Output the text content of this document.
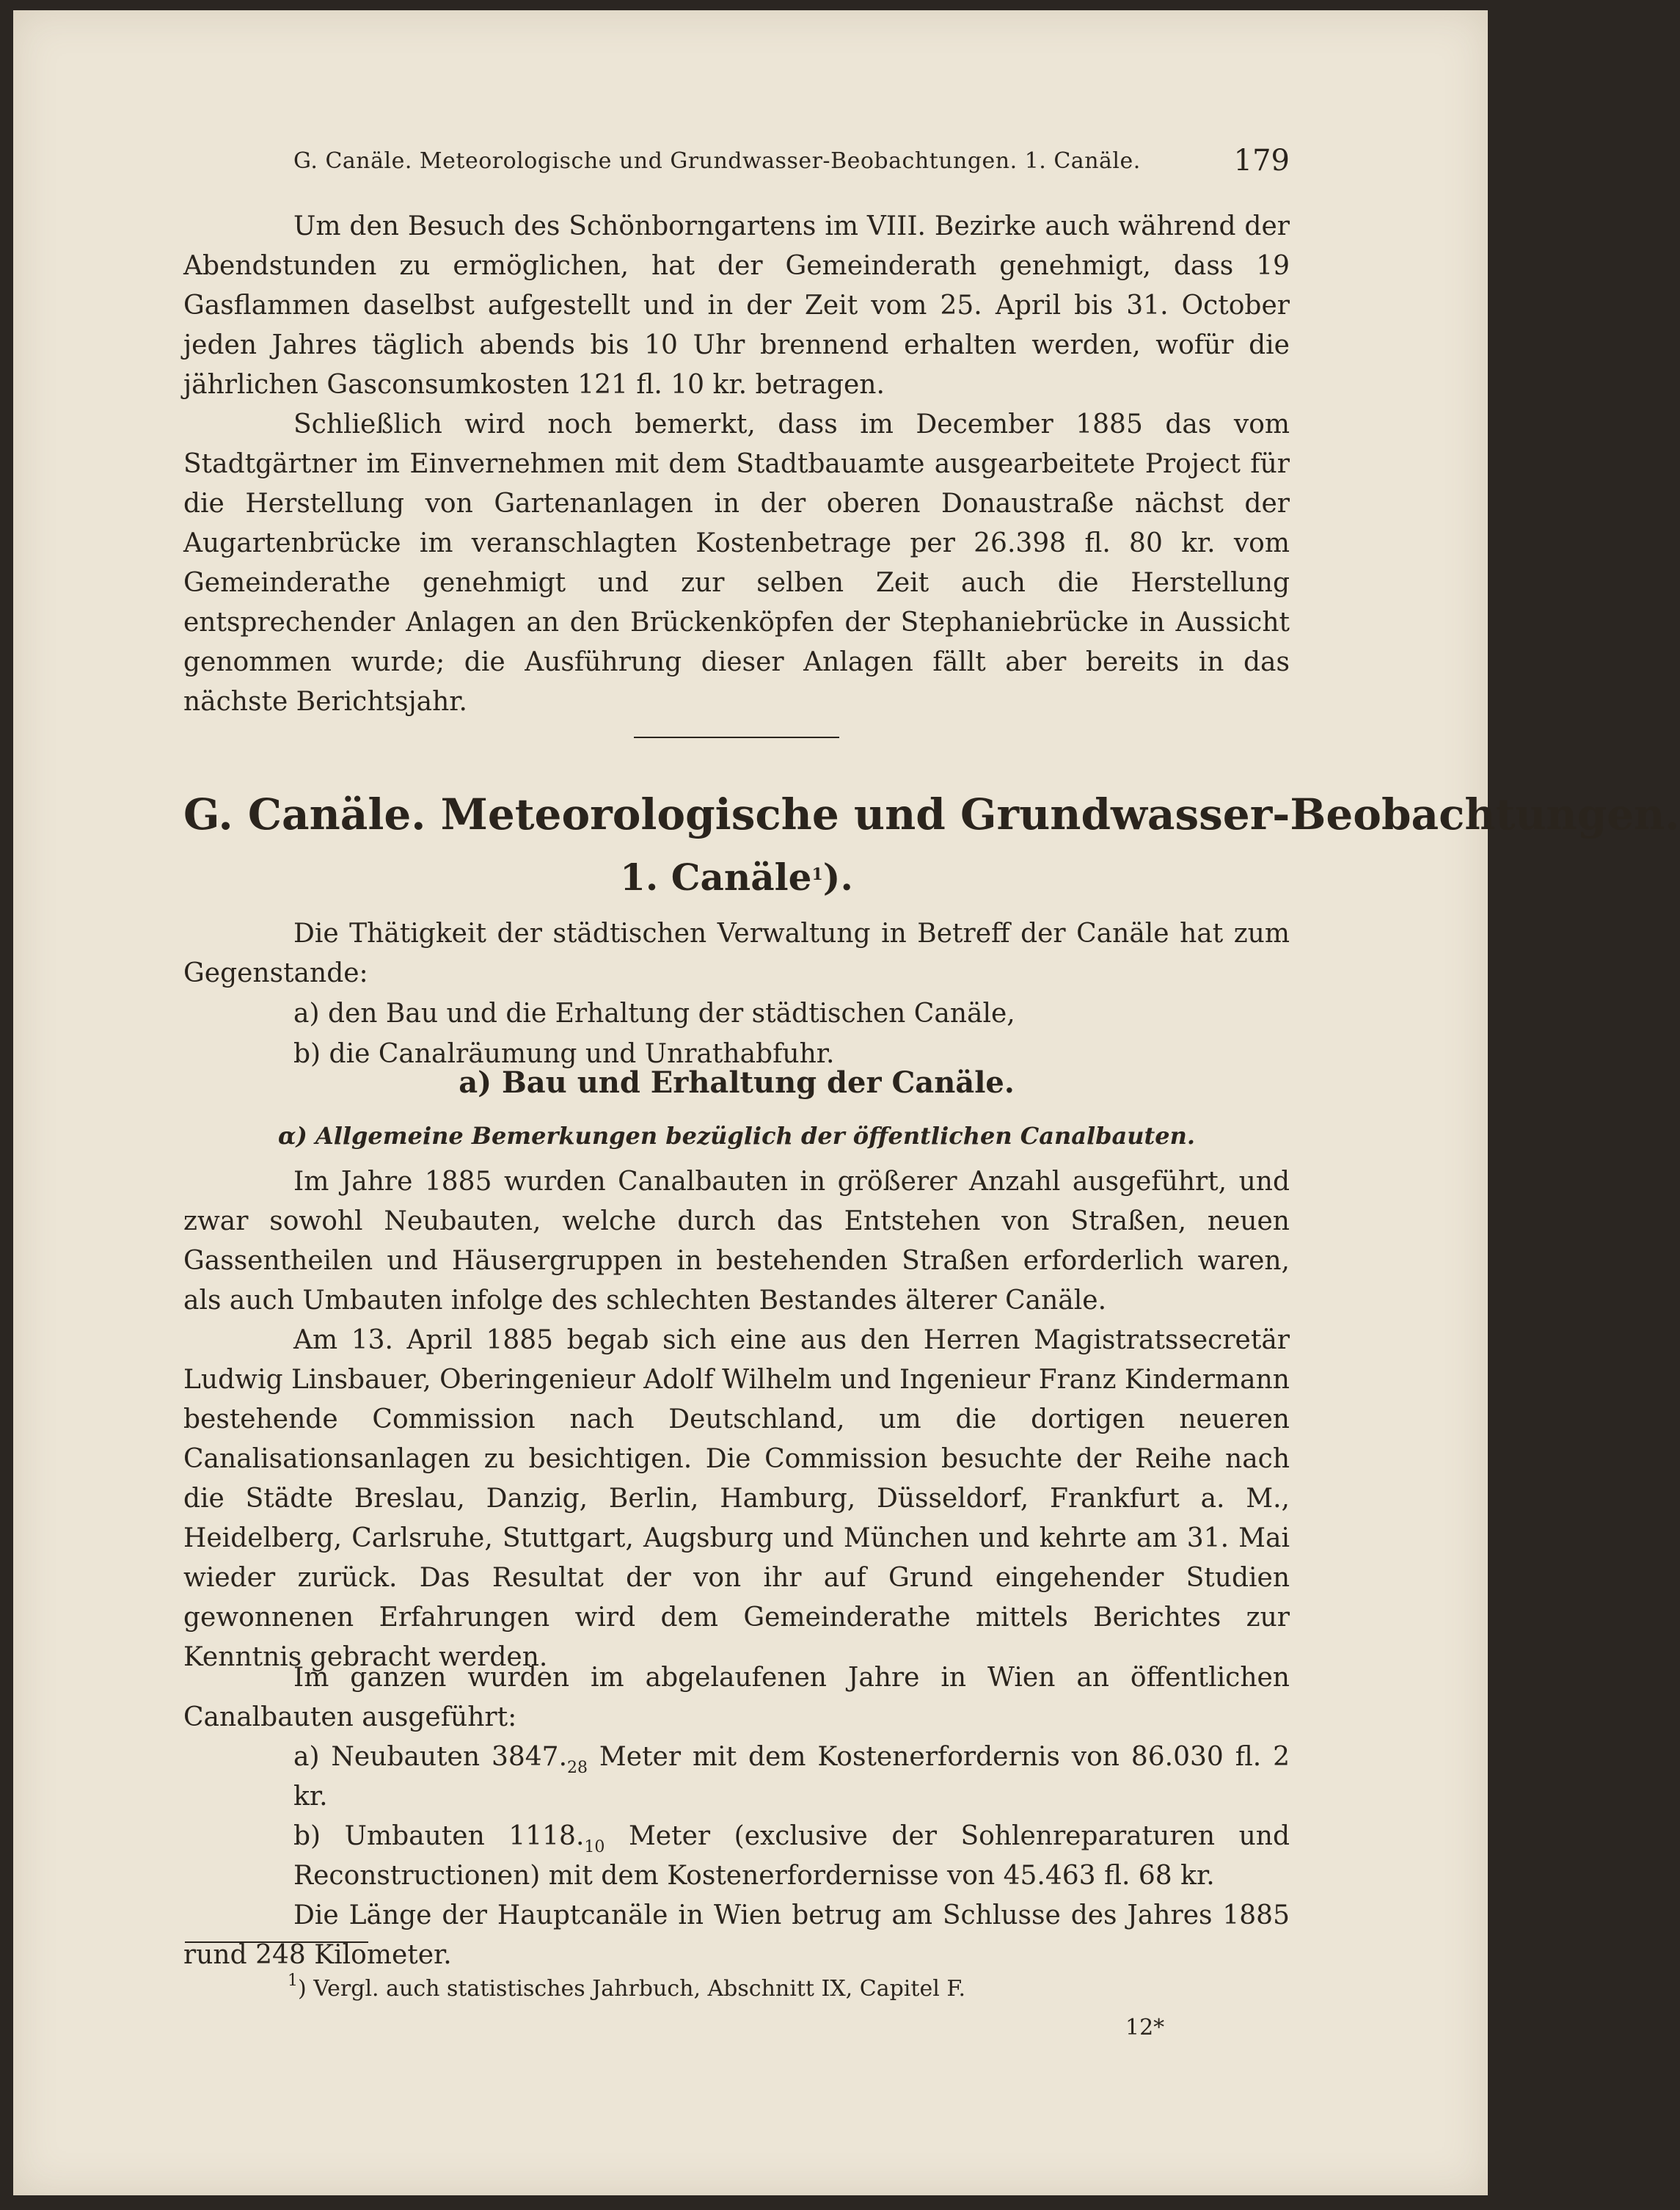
G. Canäle. Meteorologische und Grundwasser-Beobachtungen. 1. Canäle.	179

Um den Besuch des Schönborngartens im VIII. Bezirke auch während der Abendstunden zu ermöglichen, hat der Gemeinderath genehmigt, dass 19 Gasflammen daselbst aufgestellt und in der Zeit vom 25. April bis 31. October jeden Jahres täglich abends bis 10 Uhr brennend erhalten werden, wofür die jährlichen Gasconsumkosten 121 fl. 10 kr. betragen.

Schließlich wird noch bemerkt, dass im December 1885 das vom Stadtgärtner im Einvernehmen mit dem Stadtbauamte ausgearbeitete Project für die Herstellung von Gartenanlagen in der oberen Donaustraße nächst der Augartenbrücke im veranschlagten Kostenbetrage per 26.398 fl. 80 kr. vom Gemeinderathe genehmigt und zur selben Zeit auch die Herstellung entsprechender Anlagen an den Brückenköpfen der Stephaniebrücke in Aussicht genommen wurde; die Ausführung dieser Anlagen fällt aber bereits in das nächste Berichtsjahr.

G. Canäle. Meteorologische und Grundwasser-Beobachtungen.
1. Canäle$^1$).

Die Thätigkeit der städtischen Verwaltung in Betreff der Canäle hat zum Gegenstande:

a) den Bau und die Erhaltung der städtischen Canäle,

b) die Canalräumung und Unrathabfuhr.

a) Bau und Erhaltung der Canäle.
α) Allgemeine Bemerkungen bezüglich der öffentlichen Canalbauten.

Im Jahre 1885 wurden Canalbauten in größerer Anzahl ausgeführt, und zwar sowohl Neubauten, welche durch das Entstehen von Straßen, neuen Gassentheilen und Häusergruppen in bestehenden Straßen erforderlich waren, als auch Umbauten infolge des schlechten Bestandes älterer Canäle.

Am 13. April 1885 begab sich eine aus den Herren Magistratssecretär Ludwig Linsbauer, Oberingenieur Adolf Wilhelm und Ingenieur Franz Kindermann bestehende Commission nach Deutschland, um die dortigen neueren Canalisationsanlagen zu besichtigen. Die Commission besuchte der Reihe nach die Städte Breslau, Danzig, Berlin, Hamburg, Düsseldorf, Frankfurt a. M., Heidelberg, Carlsruhe, Stuttgart, Augsburg und München und kehrte am 31. Mai wieder zurück. Das Resultat der von ihr auf Grund eingehender Studien gewonnenen Erfahrungen wird dem Gemeinderathe mittels Berichtes zur Kenntnis gebracht werden.

Im ganzen wurden im abgelaufenen Jahre in Wien an öffentlichen Canalbauten ausgeführt:

a) Neubauten $3847._{28}$ Meter mit dem Kostenerfordernis von 86.030 fl. 2 kr.

b) Umbauten $1118._{10}$ Meter (exclusive der Sohlenreparaturen und Reconstructionen) mit dem Kostenerfordernisse von 45.463 fl. 68 kr.

Die Länge der Hauptcanäle in Wien betrug am Schlusse des Jahres 1885 rund 248 Kilometer.

$^1$) Vergl. auch statistisches Jahrbuch, Abschnitt IX, Capitel F.

12*
